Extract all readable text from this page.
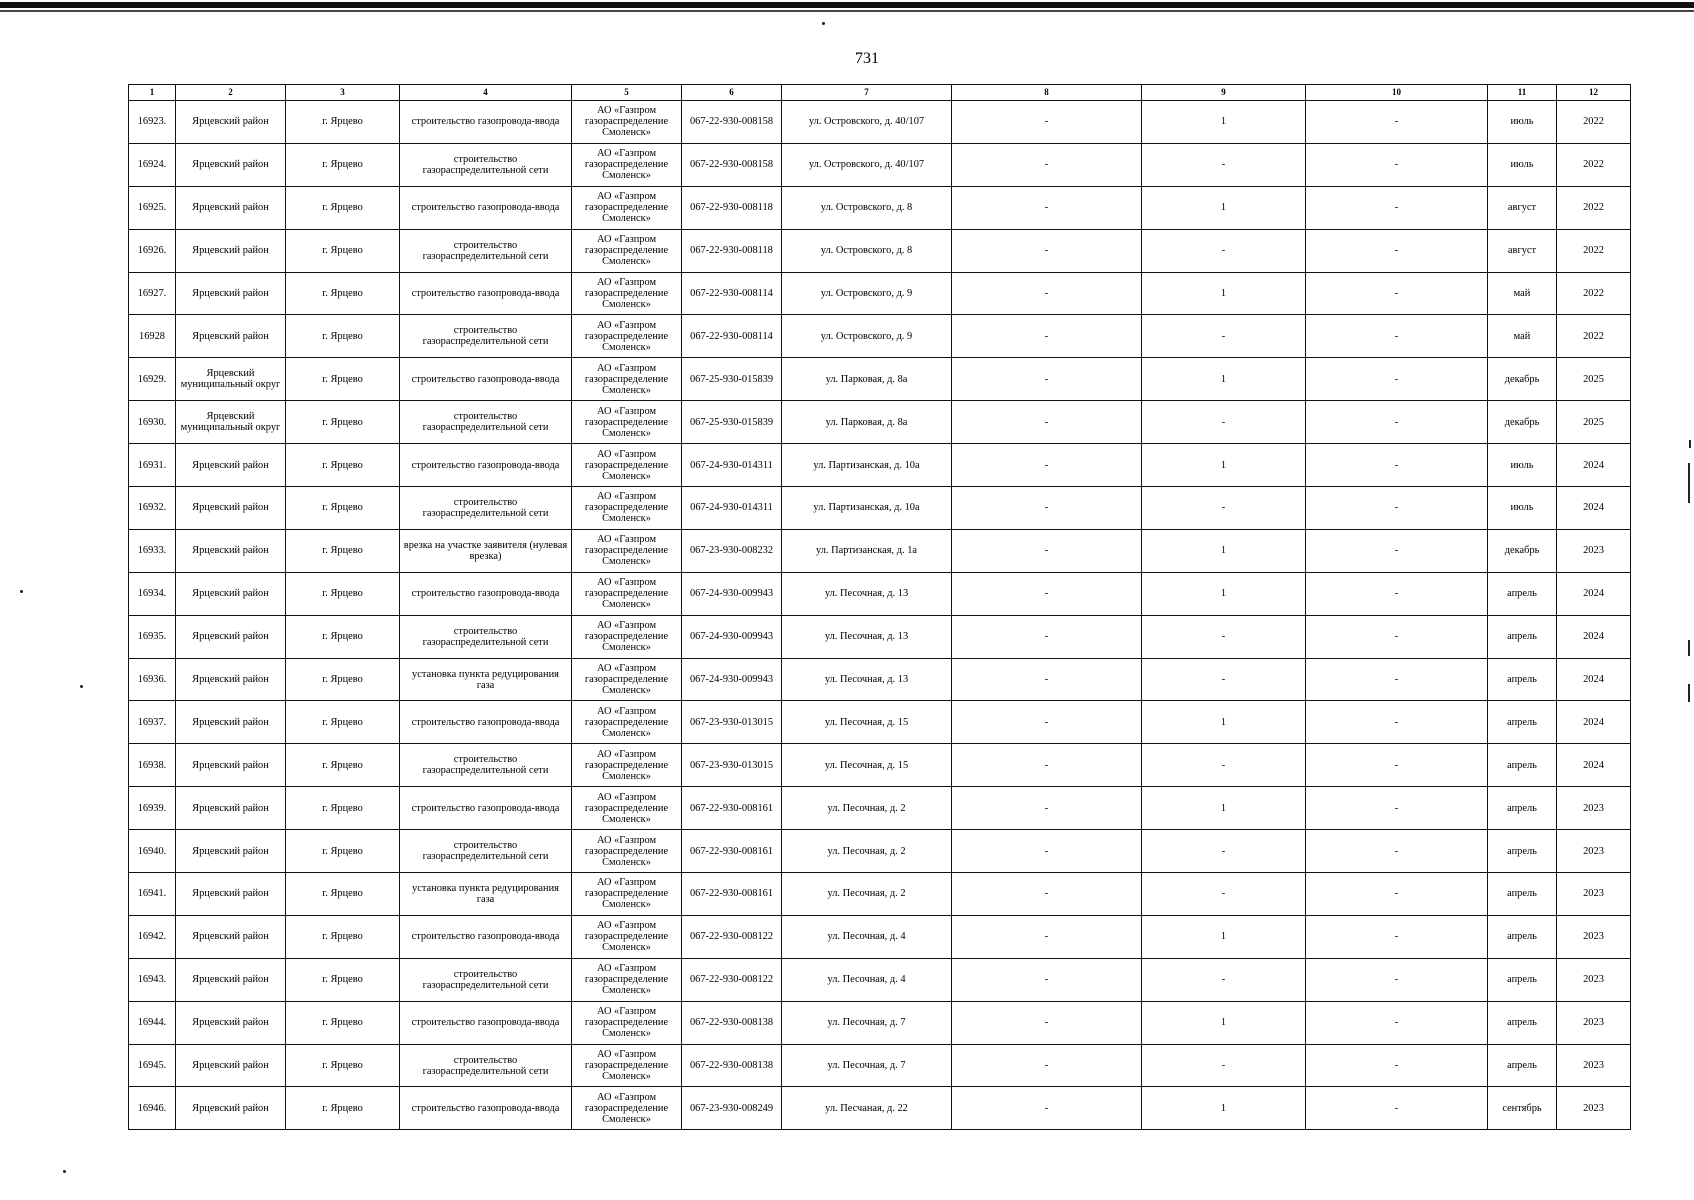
731
1	2	3	4	5	6	7	8	9	10	11	12
16923.	Ярцевский район	г. Ярцево	строительство газопровода-ввода	АО «Газпром газораспределение Смоленск»	067-22-930-008158	ул. Островского, д. 40/107	-	1	-	июль	2022
16924.	Ярцевский район	г. Ярцево	строительство газораспределительной сети	АО «Газпром газораспределение Смоленск»	067-22-930-008158	ул. Островского, д. 40/107	-	-	-	июль	2022
16925.	Ярцевский район	г. Ярцево	строительство газопровода-ввода	АО «Газпром газораспределение Смоленск»	067-22-930-008118	ул. Островского, д. 8	-	1	-	август	2022
16926.	Ярцевский район	г. Ярцево	строительство газораспределительной сети	АО «Газпром газораспределение Смоленск»	067-22-930-008118	ул. Островского, д. 8	-	-	-	август	2022
16927.	Ярцевский район	г. Ярцево	строительство газопровода-ввода	АО «Газпром газораспределение Смоленск»	067-22-930-008114	ул. Островского, д. 9	-	1	-	май	2022
16928	Ярцевский район	г. Ярцево	строительство газораспределительной сети	АО «Газпром газораспределение Смоленск»	067-22-930-008114	ул. Островского, д. 9	-	-	-	май	2022
16929.	Ярцевский муниципальный округ	г. Ярцево	строительство газопровода-ввода	АО «Газпром газораспределение Смоленск»	067-25-930-015839	ул. Парковая, д. 8а	-	1	-	декабрь	2025
16930.	Ярцевский муниципальный округ	г. Ярцево	строительство газораспределительной сети	АО «Газпром газораспределение Смоленск»	067-25-930-015839	ул. Парковая, д. 8а	-	-	-	декабрь	2025
16931.	Ярцевский район	г. Ярцево	строительство газопровода-ввода	АО «Газпром газораспределение Смоленск»	067-24-930-014311	ул. Партизанская, д. 10а	-	1	-	июль	2024
16932.	Ярцевский район	г. Ярцево	строительство газораспределительной сети	АО «Газпром газораспределение Смоленск»	067-24-930-014311	ул. Партизанская, д. 10а	-	-	-	июль	2024
16933.	Ярцевский район	г. Ярцево	врезка на участке заявителя (нулевая врезка)	АО «Газпром газораспределение Смоленск»	067-23-930-008232	ул. Партизанская, д. 1а	-	1	-	декабрь	2023
16934.	Ярцевский район	г. Ярцево	строительство газопровода-ввода	АО «Газпром газораспределение Смоленск»	067-24-930-009943	ул. Песочная, д. 13	-	1	-	апрель	2024
16935.	Ярцевский район	г. Ярцево	строительство газораспределительной сети	АО «Газпром газораспределение Смоленск»	067-24-930-009943	ул. Песочная, д. 13	-	-	-	апрель	2024
16936.	Ярцевский район	г. Ярцево	установка пункта редуцирования газа	АО «Газпром газораспределение Смоленск»	067-24-930-009943	ул. Песочная, д. 13	-	-	-	апрель	2024
16937.	Ярцевский район	г. Ярцево	строительство газопровода-ввода	АО «Газпром газораспределение Смоленск»	067-23-930-013015	ул. Песочная, д. 15	-	1	-	апрель	2024
16938.	Ярцевский район	г. Ярцево	строительство газораспределительной сети	АО «Газпром газораспределение Смоленск»	067-23-930-013015	ул. Песочная, д. 15	-	-	-	апрель	2024
16939.	Ярцевский район	г. Ярцево	строительство газопровода-ввода	АО «Газпром газораспределение Смоленск»	067-22-930-008161	ул. Песочная, д. 2	-	1	-	апрель	2023
16940.	Ярцевский район	г. Ярцево	строительство газораспределительной сети	АО «Газпром газораспределение Смоленск»	067-22-930-008161	ул. Песочная, д. 2	-	-	-	апрель	2023
16941.	Ярцевский район	г. Ярцево	установка пункта редуцирования газа	АО «Газпром газораспределение Смоленск»	067-22-930-008161	ул. Песочная, д. 2	-	-	-	апрель	2023
16942.	Ярцевский район	г. Ярцево	строительство газопровода-ввода	АО «Газпром газораспределение Смоленск»	067-22-930-008122	ул. Песочная, д. 4	-	1	-	апрель	2023
16943.	Ярцевский район	г. Ярцево	строительство газораспределительной сети	АО «Газпром газораспределение Смоленск»	067-22-930-008122	ул. Песочная, д. 4	-	-	-	апрель	2023
16944.	Ярцевский район	г. Ярцево	строительство газопровода-ввода	АО «Газпром газораспределение Смоленск»	067-22-930-008138	ул. Песочная, д. 7	-	1	-	апрель	2023
16945.	Ярцевский район	г. Ярцево	строительство газораспределительной сети	АО «Газпром газораспределение Смоленск»	067-22-930-008138	ул. Песочная, д. 7	-	-	-	апрель	2023
16946.	Ярцевский район	г. Ярцево	строительство газопровода-ввода	АО «Газпром газораспределение Смоленск»	067-23-930-008249	ул. Песчаная, д. 22	-	1	-	сентябрь	2023
